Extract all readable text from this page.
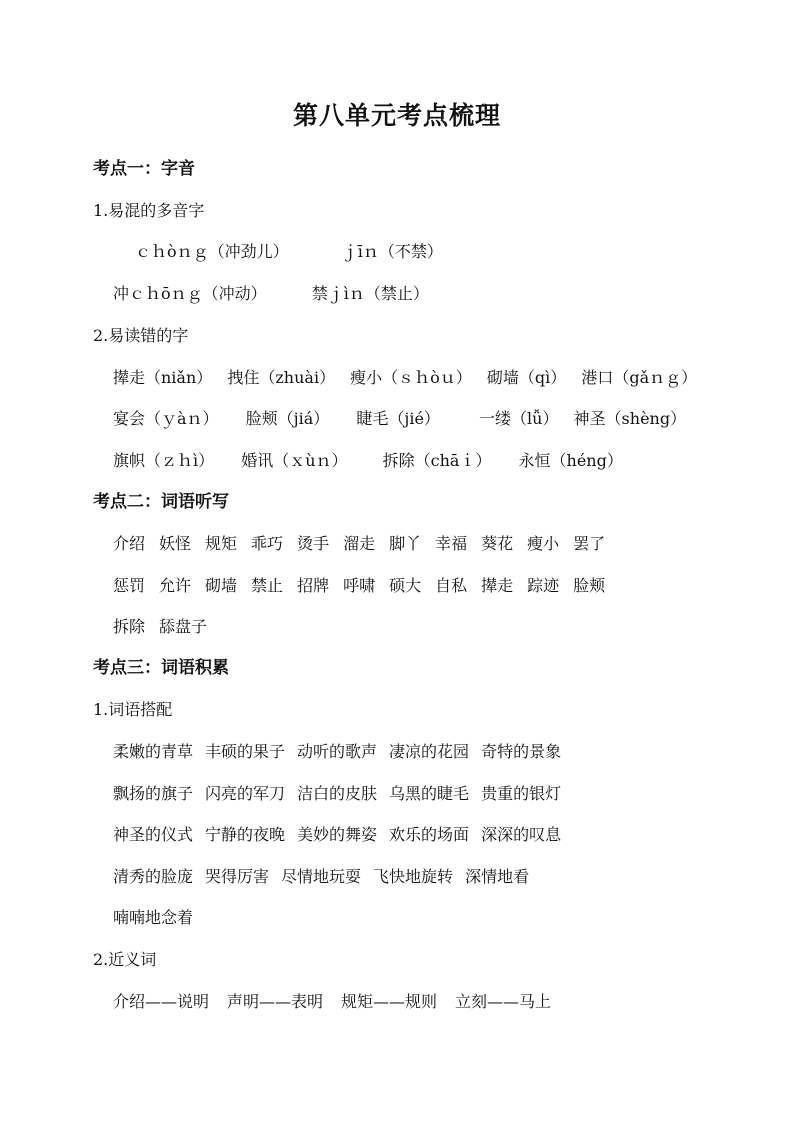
第八单元考点梳理
考点一：字音
1.易混的多音字
ｃｈòｎｇ（冲劲儿）	ｊīｎ（不禁）
冲ｃｈōｎｇ（冲动）	禁ｊìｎ（禁止）
2.易读错的字
撵走（niǎn） 拽住（zhuài） 瘦小（ｓｈòｕ） 砌墙（qì） 港口（gǎｎｇ）
宴会（ｙàｎ） 脸颊（jiá） 睫毛（jié） 一缕（lǚ） 神圣（shèng）
旗帜（ｚｈì） 婚讯（ｘùｎ） 拆除（chāｉ） 永恒（héng）
考点二：词语听写
介绍 妖怪 规矩 乖巧 烫手 溜走 脚丫 幸福 葵花 瘦小 罢了
惩罚 允许 砌墙 禁止 招牌 呼啸 硕大 自私 撵走 踪迹 脸颊
拆除 舔盘子
考点三：词语积累
1.词语搭配
柔嫩的青草 丰硕的果子 动听的歌声 凄凉的花园 奇特的景象
飘扬的旗子 闪亮的军刀 洁白的皮肤 乌黑的睫毛 贵重的银灯
神圣的仪式 宁静的夜晚 美妙的舞姿 欢乐的场面 深深的叹息
清秀的脸庞 哭得厉害 尽情地玩耍 飞快地旋转 深情地看
喃喃地念着
2.近义词
介绍——说明 声明——表明 规矩——规则 立刻——马上
